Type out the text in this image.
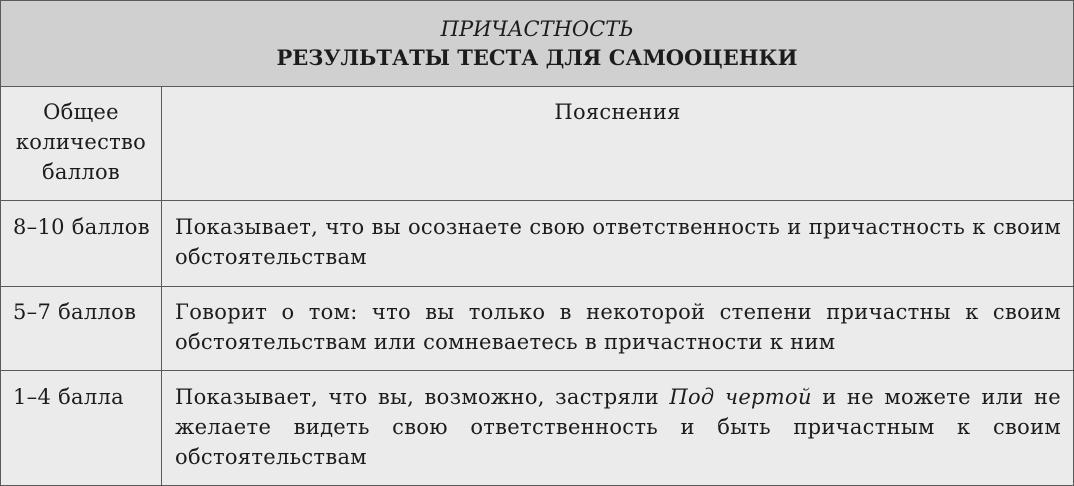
ПРИЧАСТНОСТЬ
РЕЗУЛЬТАТЫ ТЕСТА ДЛЯ САМООЦЕНКИ
Общее количество баллов
Пояснения
8–10 баллов Показывает, что вы осознаете свою ответственность и причастность к своим обстоятельствам
5–7 баллов	Говорит о том: что вы только в некоторой степени причастны к своим обстоятельствам или сомневаетесь в причастности к ним
1–4 балла	Показывает, что вы, возможно, застряли Под чертой и не можете или не желаете видеть свою ответственность и быть причастным к своим обстоятельствам
